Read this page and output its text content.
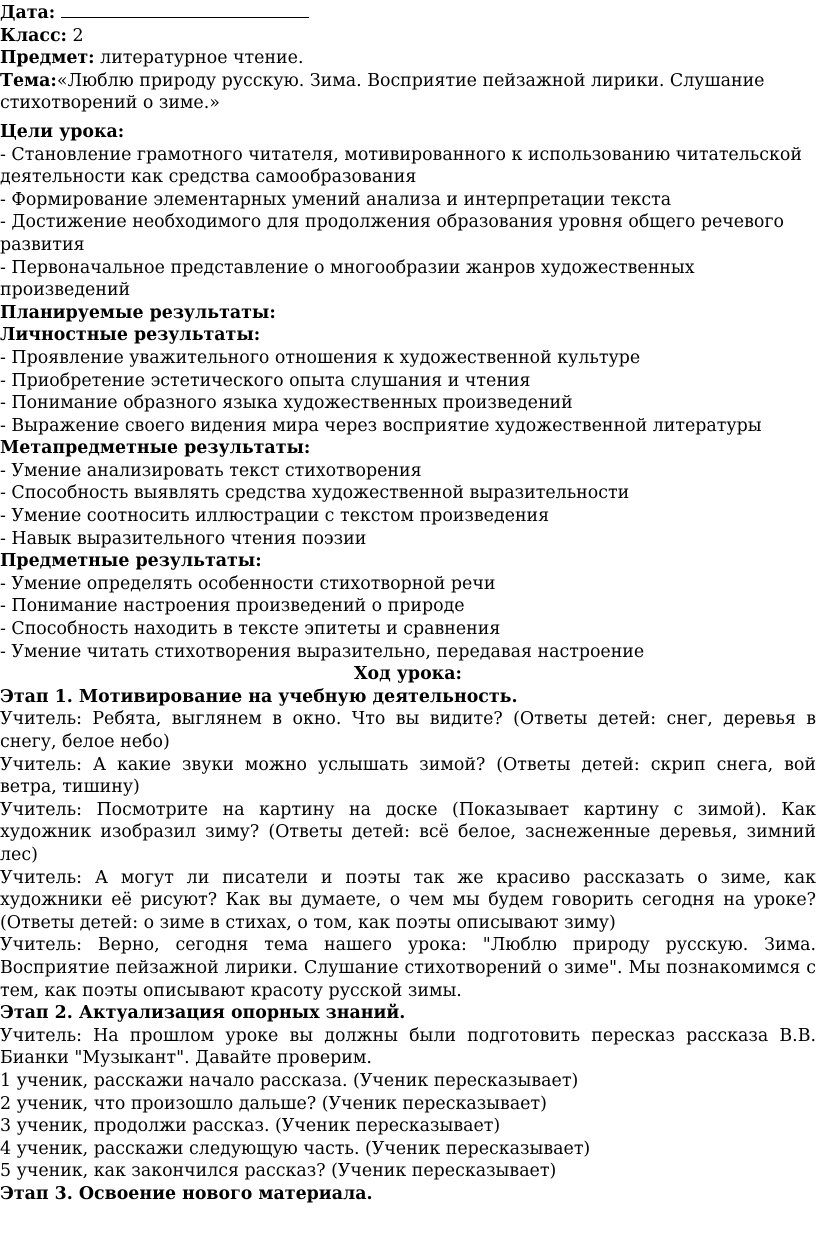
Дата:

Класс: 2

Предмет: литературное чтение.

Тема:«Люблю природу русскую. Зима. Восприятие пейзажной лирики. Слушание стихотворений о зиме.»

Цели урока:

- Становление грамотного читателя, мотивированного к использованию читательской деятельности как средства самообразования

- Формирование элементарных умений анализа и интерпретации текста

- Достижение необходимого для продолжения образования уровня общего речевого развития

- Первоначальное представление о многообразии жанров художественных произведений

Планируемые результаты:

Личностные результаты:

- Проявление уважительного отношения к художественной культуре

- Приобретение эстетического опыта слушания и чтения

- Понимание образного языка художественных произведений

- Выражение своего видения мира через восприятие художественной литературы

Метапредметные результаты:

- Умение анализировать текст стихотворения

- Способность выявлять средства художественной выразительности

- Умение соотносить иллюстрации с текстом произведения

- Навык выразительного чтения поэзии

Предметные результаты:

- Умение определять особенности стихотворной речи

- Понимание настроения произведений о природе

- Способность находить в тексте эпитеты и сравнения

- Умение читать стихотворения выразительно, передавая настроение

Ход урока:

Этап 1. Мотивирование на учебную деятельность.

Учитель: Ребята, выглянем в окно. Что вы видите? (Ответы детей: снег, деревья в снегу, белое небо)

Учитель: А какие звуки можно услышать зимой? (Ответы детей: скрип снега, вой ветра, тишину)

Учитель: Посмотрите на картину на доске (Показывает картину с зимой). Как художник изобразил зиму? (Ответы детей: всё белое, заснеженные деревья, зимний лес)

Учитель: А могут ли писатели и поэты так же красиво рассказать о зиме, как художники её рисуют? Как вы думаете, о чем мы будем говорить сегодня на уроке? (Ответы детей: о зиме в стихах, о том, как поэты описывают зиму)

Учитель: Верно, сегодня тема нашего урока: "Люблю природу русскую. Зима. Восприятие пейзажной лирики. Слушание стихотворений о зиме". Мы познакомимся с тем, как поэты описывают красоту русской зимы.

Этап 2. Актуализация опорных знаний.

Учитель: На прошлом уроке вы должны были подготовить пересказ рассказа В.В. Бианки "Музыкант". Давайте проверим.

1 ученик, расскажи начало рассказа. (Ученик пересказывает)

2 ученик, что произошло дальше? (Ученик пересказывает)

3 ученик, продолжи рассказ. (Ученик пересказывает)

4 ученик, расскажи следующую часть. (Ученик пересказывает)

5 ученик, как закончился рассказ? (Ученик пересказывает)

Этап 3. Освоение нового материала.
